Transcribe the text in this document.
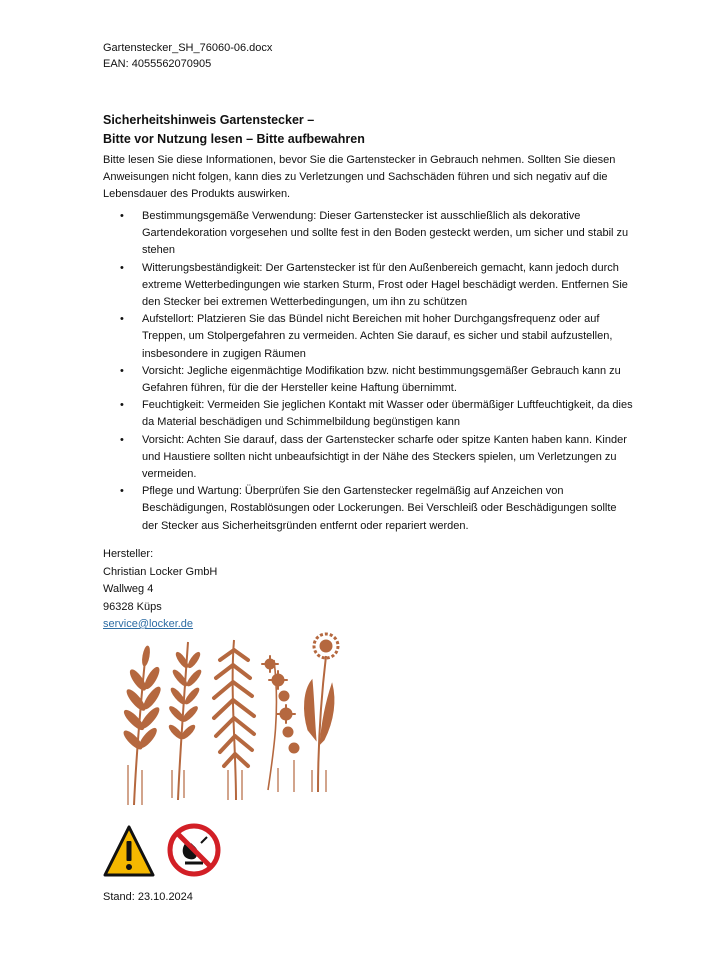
Gartenstecker_SH_76060-06.docx
EAN: 4055562070905
Sicherheitshinweis Gartenstecker –
Bitte vor Nutzung lesen – Bitte aufbewahren
Bitte lesen Sie diese Informationen, bevor Sie die Gartenstecker in Gebrauch nehmen. Sollten Sie diesen Anweisungen nicht folgen, kann dies zu Verletzungen und Sachschäden führen und sich negativ auf die Lebensdauer des Produkts auswirken.
• Bestimmungsgemäße Verwendung: Dieser Gartenstecker ist ausschließlich als dekorative Gartendekoration vorgesehen und sollte fest in den Boden gesteckt werden, um sicher und stabil zu stehen
• Witterungsbeständigkeit: Der Gartenstecker ist für den Außenbereich gemacht, kann jedoch durch extreme Wetterbedingungen wie starken Sturm, Frost oder Hagel beschädigt werden. Entfernen Sie den Stecker bei extremen Wetterbedingungen, um ihn zu schützen
• Aufstellort: Platzieren Sie das Bündel nicht Bereichen mit hoher Durchgangsfrequenz oder auf Treppen, um Stolpergefahren zu vermeiden. Achten Sie darauf, es sicher und stabil aufzustellen, insbesondere in zugigen Räumen
• Vorsicht: Jegliche eigenmächtige Modifikation bzw. nicht bestimmungsgemäßer Gebrauch kann zu Gefahren führen, für die der Hersteller keine Haftung übernimmt.
• Feuchtigkeit: Vermeiden Sie jeglichen Kontakt mit Wasser oder übermäßiger Luftfeuchtigkeit, da dies da Material beschädigen und Schimmelbildung begünstigen kann
• Vorsicht: Achten Sie darauf, dass der Gartenstecker scharfe oder spitze Kanten haben kann. Kinder und Haustiere sollten nicht unbeaufsichtigt in der Nähe des Steckers spielen, um Verletzungen zu vermeiden.
• Pflege und Wartung: Überprüfen Sie den Gartenstecker regelmäßig auf Anzeichen von Beschädigungen, Rostablösungen oder Lockerungen. Bei Verschleiß oder Beschädigungen sollte der Stecker aus Sicherheitsgründen entfernt oder repariert werden.
Hersteller:
Christian Locker GmbH
Wallweg 4
96328 Küps
service@locker.de
Stand: 23.10.2024
